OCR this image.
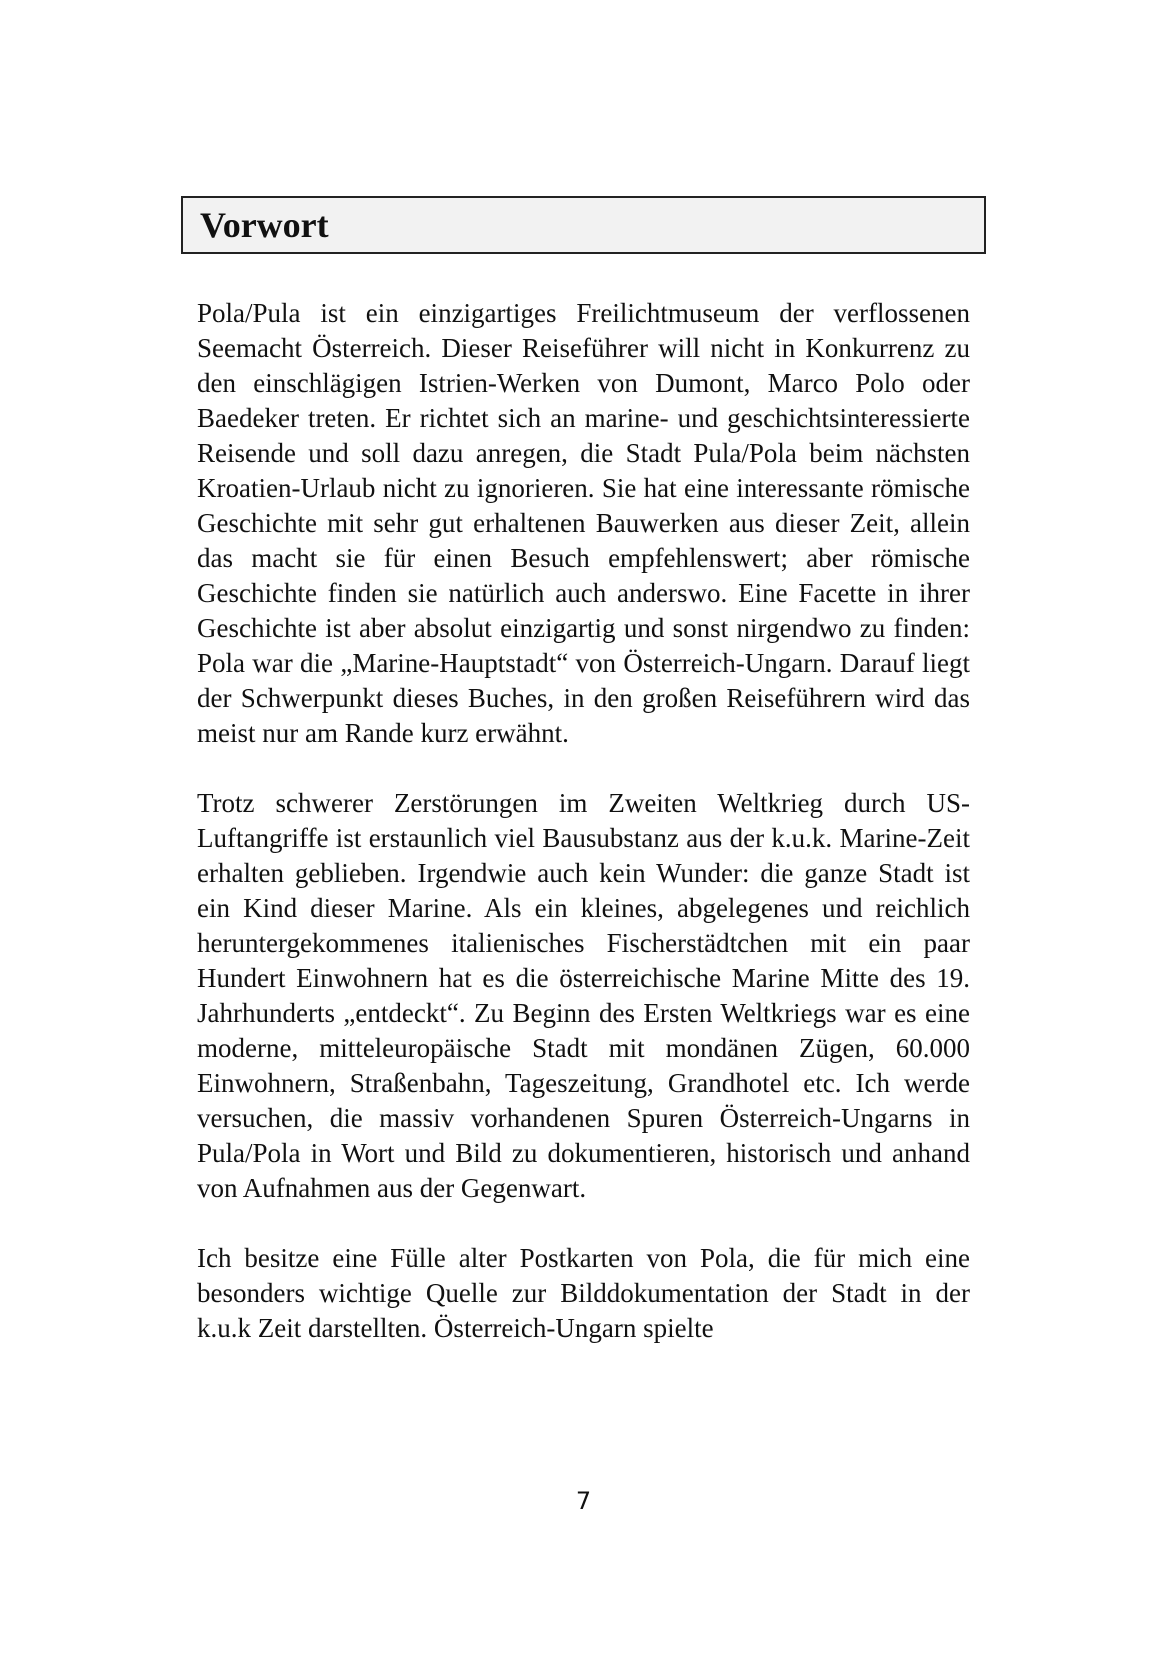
Vorwort

Pola/Pula ist ein einzigartiges Freilichtmuseum der verflossenen Seemacht Österreich. Dieser Reiseführer will nicht in Konkurrenz zu den einschlägigen Istrien-Werken von Dumont, Marco Polo oder Baedeker treten. Er richtet sich an marine- und geschichtsinteressierte Reisende und soll dazu anregen, die Stadt Pula/Pola beim nächsten Kroatien-Urlaub nicht zu ignorieren. Sie hat eine interessante römische Geschichte mit sehr gut erhaltenen Bauwerken aus dieser Zeit, allein das macht sie für einen Besuch empfehlenswert; aber römische Geschichte finden sie natürlich auch anderswo. Eine Facette in ihrer Geschichte ist aber absolut einzigartig und sonst nirgendwo zu finden: Pola war die „Marine-Hauptstadt“ von Österreich-Ungarn. Darauf liegt der Schwerpunkt dieses Buches, in den großen Reiseführern wird das meist nur am Rande kurz erwähnt.

Trotz schwerer Zerstörungen im Zweiten Weltkrieg durch US-Luftangriffe ist erstaunlich viel Bausubstanz aus der k.u.k. Marine-Zeit erhalten geblieben. Irgendwie auch kein Wunder: die ganze Stadt ist ein Kind dieser Marine. Als ein kleines, abgelegenes und reichlich heruntergekommenes italienisches Fischerstädtchen mit ein paar Hundert Einwohnern hat es die österreichische Marine Mitte des 19. Jahrhunderts „entdeckt“. Zu Beginn des Ersten Weltkriegs war es eine moderne, mitteleuropäische Stadt mit mondänen Zügen, 60.000 Einwohnern, Straßenbahn, Tageszeitung, Grandhotel etc. Ich werde versuchen, die massiv vorhandenen Spuren Österreich-Ungarns in Pula/Pola in Wort und Bild zu dokumentieren, historisch und anhand von Aufnahmen aus der Gegenwart.

Ich besitze eine Fülle alter Postkarten von Pola, die für mich eine besonders wichtige Quelle zur Bilddokumentation der Stadt in der k.u.k Zeit darstellten. Österreich-Ungarn spielte

7
